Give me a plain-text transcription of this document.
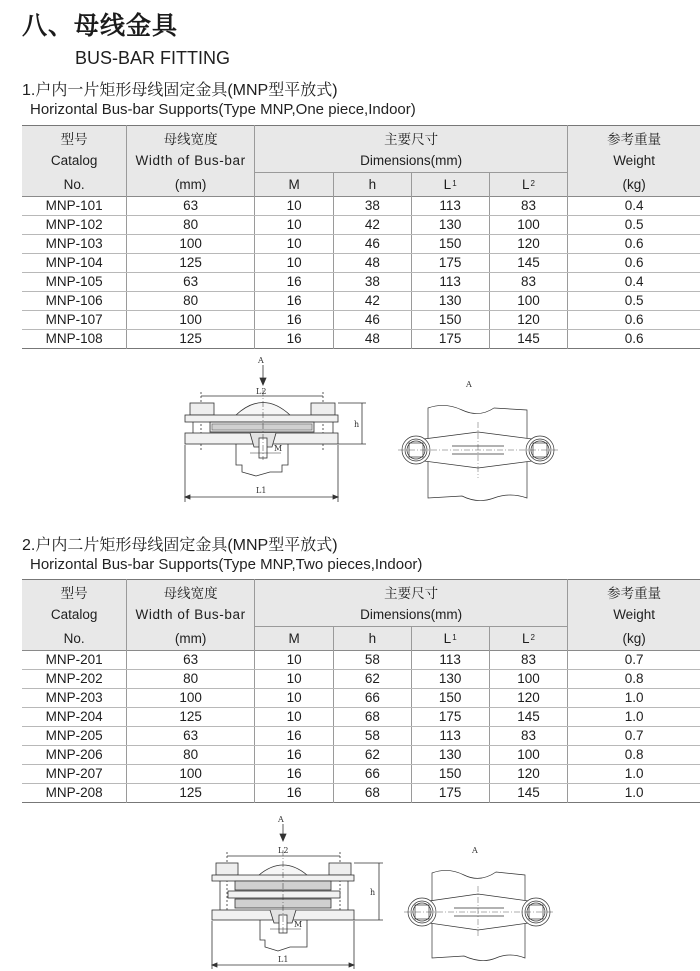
八、母线金具
BUS-BAR FITTING
1.户内一片矩形母线固定金具(MNP型平放式)
Horizontal Bus-bar Supports(Type MNP,One piece,Indoor)
型号	母线宽度	主要尺寸				参考重量
Catalog	Width of Bus-bar	Dimensions(mm)				Weight
No.	(mm)	M	h	$L^1$	$L^2$	(kg)
MNP-101	63	10	38	113	83	0.4
MNP-102	80	10	42	130	100	0.5
MNP-103	100	10	46	150	120	0.6
MNP-104	125	10	48	175	145	0.6
MNP-105	63	16	38	113	83	0.4
MNP-106	80	16	42	130	100	0.5
MNP-107	100	16	46	150	120	0.6
MNP-108	125	16	48	175	145	0.6
A
L2
h
M
L1
A
2.户内二片矩形母线固定金具(MNP型平放式)
Horizontal Bus-bar Supports(Type MNP,Two pieces,Indoor)
型号	母线宽度	主要尺寸				参考重量
Catalog	Width of Bus-bar	Dimensions(mm)				Weight
No.	(mm)	M	h	$L^1$	$L^2$	(kg)
MNP-201	63	10	58	113	83	0.7
MNP-202	80	10	62	130	100	0.8
MNP-203	100	10	66	150	120	1.0
MNP-204	125	10	68	175	145	1.0
MNP-205	63	16	58	113	83	0.7
MNP-206	80	16	62	130	100	0.8
MNP-207	100	16	66	150	120	1.0
MNP-208	125	16	68	175	145	1.0
A
L2
h
M
L1
A
